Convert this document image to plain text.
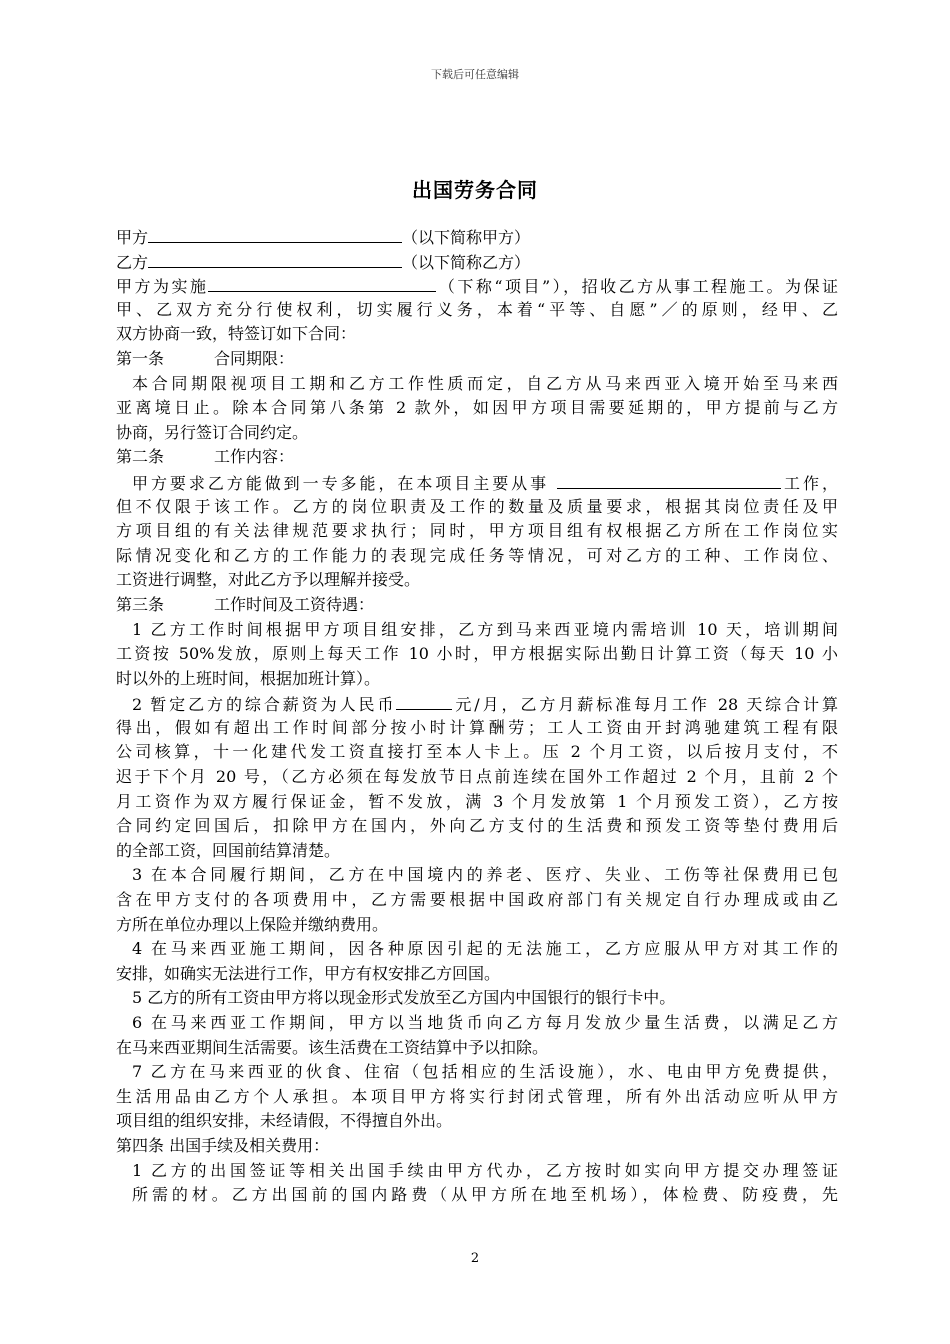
下载后可任意编辑
出国劳务合同
甲方	（以下简称甲方）
乙方	（以下简称乙方）
甲方为实施	（下称“项目”），招收乙方从事工程施工。为保证
甲、乙双方充分行使权利，切实履行义务，本着“平等、自愿”／的原则，经甲、乙
双方协商一致，特签订如下合同：
第一条	合同期限：
本合同期限视项目工期和乙方工作性质而定，自乙方从马来西亚入境开始至马来西
亚离境日止。除本合同第八条第 2 款外，如因甲方项目需要延期的，甲方提前与乙方
协商，另行签订合同约定。
第二条	工作内容：
甲方要求乙方能做到一专多能，在本项目主要从事	工作，
但不仅限于该工作。乙方的岗位职责及工作的数量及质量要求，根据其岗位责任及甲
方项目组的有关法律规范要求执行；同时，甲方项目组有权根据乙方所在工作岗位实
际情况变化和乙方的工作能力的表现完成任务等情况，可对乙方的工种、工作岗位、
工资进行调整，对此乙方予以理解并接受。
第三条	工作时间及工资待遇：
1 乙方工作时间根据甲方项目组安排，乙方到马来西亚境内需培训 10 天，培训期间
工资按 50%发放，原则上每天工作 10 小时，甲方根据实际出勤日计算工资（每天 10 小
时以外的上班时间，根据加班计算）。
2 暂定乙方的综合薪资为人民币	元/月，乙方月薪标准每月工作 28 天综合计算
得出，假如有超出工作时间部分按小时计算酬劳；工人工资由开封鸿驰建筑工程有限
公司核算，十一化建代发工资直接打至本人卡上。压 2 个月工资，以后按月支付，不
迟于下个月 20 号，（乙方必须在每发放节日点前连续在国外工作超过 2 个月，且前 2 个
月工资作为双方履行保证金，暂不发放，满 3 个月发放第 1 个月预发工资），乙方按
合同约定回国后，扣除甲方在国内，外向乙方支付的生活费和预发工资等垫付费用后
的全部工资，回国前结算清楚。
3 在本合同履行期间，乙方在中国境内的养老、医疗、失业、工伤等社保费用已包
含在甲方支付的各项费用中，乙方需要根据中国政府部门有关规定自行办理成或由乙
方所在单位办理以上保险并缴纳费用。
4 在马来西亚施工期间，因各种原因引起的无法施工，乙方应服从甲方对其工作的
安排，如确实无法进行工作，甲方有权安排乙方回国。
5 乙方的所有工资由甲方将以现金形式发放至乙方国内中国银行的银行卡中。
6 在马来西亚工作期间，甲方以当地货币向乙方每月发放少量生活费，以满足乙方
在马来西亚期间生活需要。该生活费在工资结算中予以扣除。
7 乙方在马来西亚的伙食、住宿（包括相应的生活设施），水、电由甲方免费提供，
生活用品由乙方个人承担。本项目甲方将实行封闭式管理，所有外出活动应听从甲方
项目组的组织安排，未经请假，不得擅自外出。
第四条 出国手续及相关费用：
1 乙方的出国签证等相关出国手续由甲方代办，乙方按时如实向甲方提交办理签证
所需的材。乙方出国前的国内路费（从甲方所在地至机场），体检费、防疫费，先
2
